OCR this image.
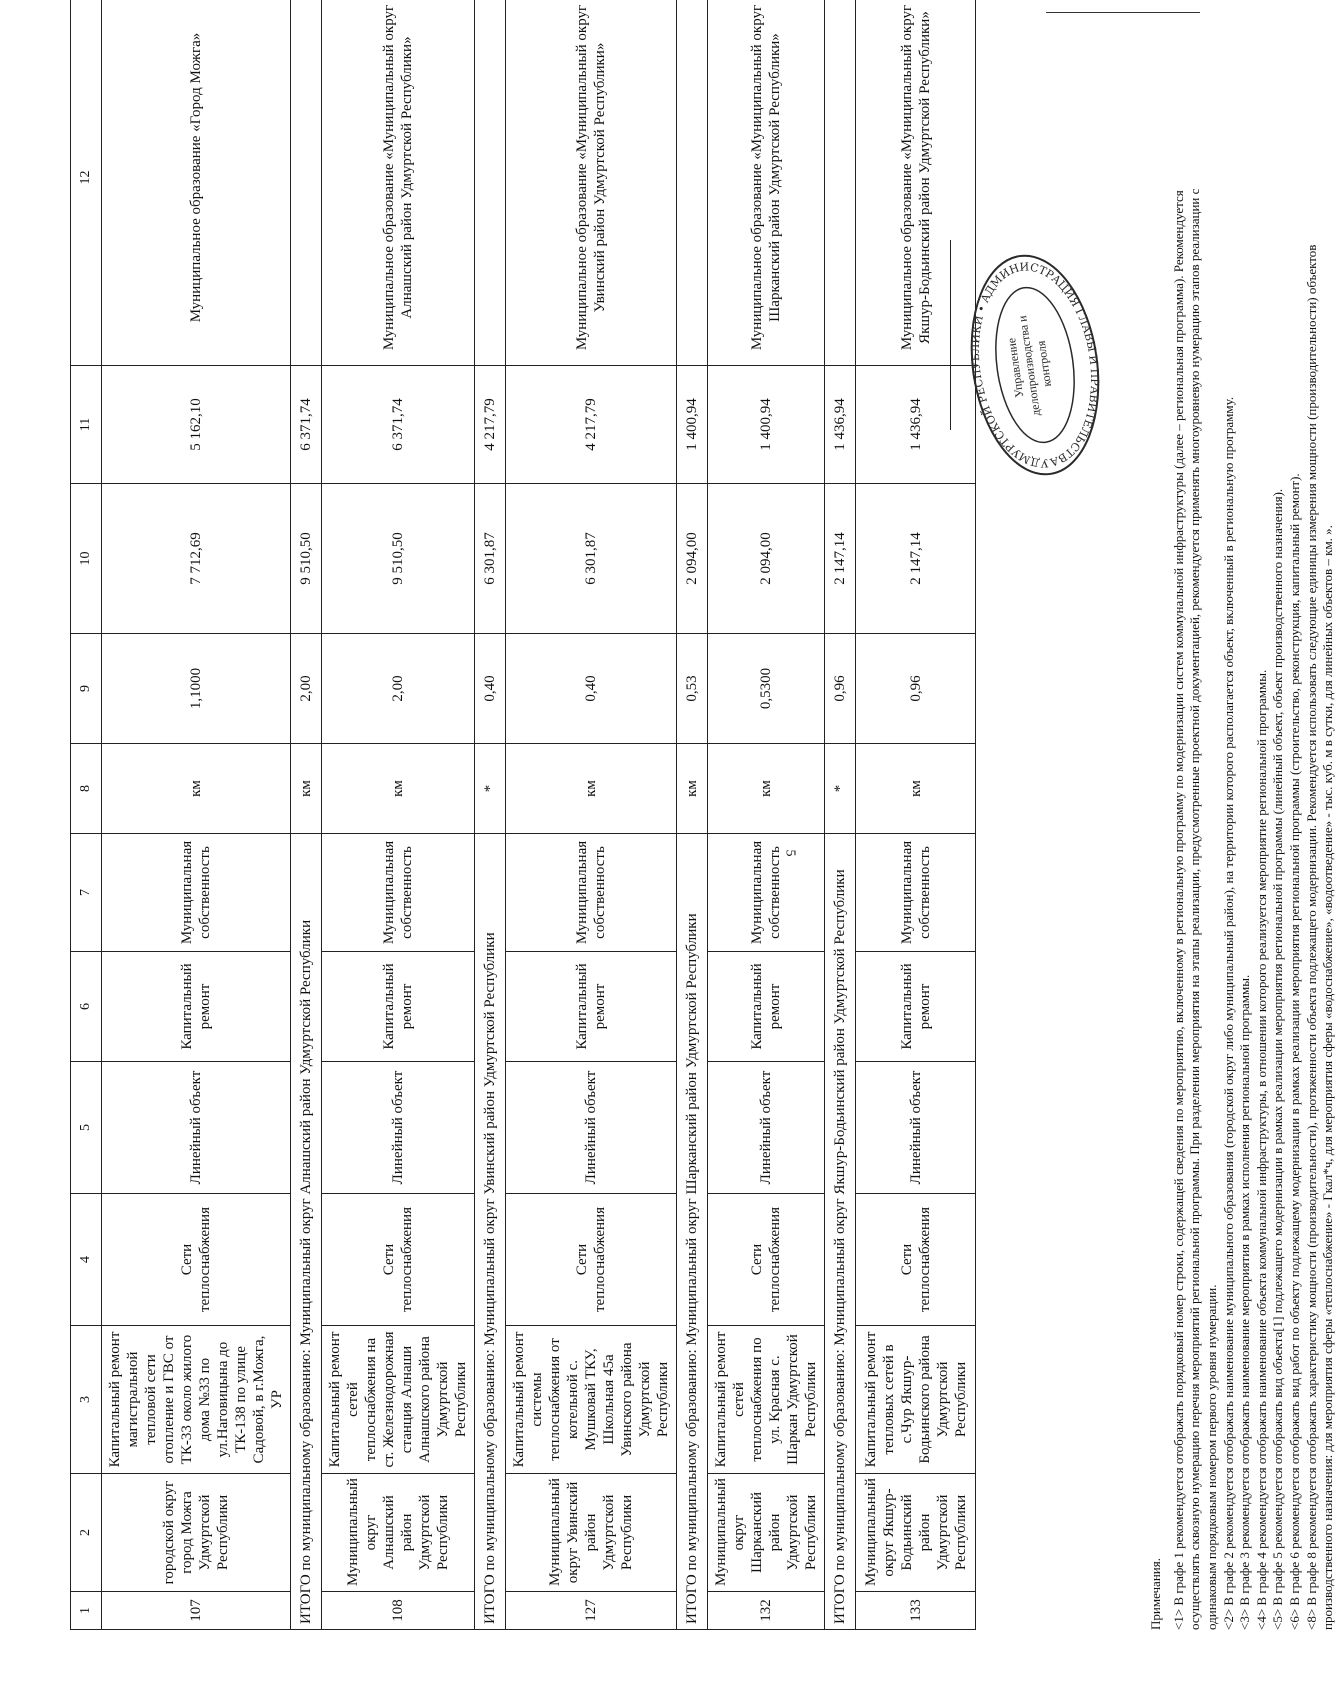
5
1	2	3	4	5	6	7	8	9	10	11	12
107	городской округ город Можга Удмуртской Республики	Капитальный ремонт магистральной тепловой сети отопление и ГВС от ТК-33 около жилого дома №33 по ул.Наговицына до ТК-138 по улице Садовой, в г.Можга, УР	Сети теплоснабжения	Линейный объект	Капитальный ремонт	Муниципальная собственность	км	1,1000	7 712,69	5 162,10	Муниципальное образование «Город Можга»
ИТОГО по муниципальному образованию: Муниципальный округ Алнашский район Удмуртской Республики							км	2,00	9 510,50	6 371,74	
108	Муниципальный округ Алнашский район Удмуртской Республики	Капитальный ремонт сетей теплоснабжения на ст. Железнодорожная станция Алнаши Алнашского района Удмуртской Республики	Сети теплоснабжения	Линейный объект	Капитальный ремонт	Муниципальная собственность	км	2,00	9 510,50	6 371,74	Муниципальное образование «Муниципальный округ Алнашский район Удмуртской Республики»
ИТОГО по муниципальному образованию: Муниципальный округ Увинский район Удмуртской Республики							*	0,40	6 301,87	4 217,79	
127	Муниципальный округ Увинский район Удмуртской Республики	Капитальный ремонт системы теплоснабжения от котельной с. Мушковай ТКУ, Школьная 45а Увинского района Удмуртской Республики	Сети теплоснабжения	Линейный объект	Капитальный ремонт	Муниципальная собственность	км	0,40	6 301,87	4 217,79	Муниципальное образование «Муниципальный округ Увинский район Удмуртской Республики»
ИТОГО по муниципальному образованию: Муниципальный округ Шарканский район Удмуртской Республики							км	0,53	2 094,00	1 400,94	
132	Муниципальный округ Шарканский район Удмуртской Республики	Капитальный ремонт сетей теплоснабжения по ул. Красная с. Шаркан Удмуртской Республики	Сети теплоснабжения	Линейный объект	Капитальный ремонт	Муниципальная собственность	км	0,5300	2 094,00	1 400,94	Муниципальное образование «Муниципальный округ Шарканский район Удмуртской Республики»
ИТОГО по муниципальному образованию: Муниципальный округ Якшур-Бодьинский район Удмуртской Республики							*	0,96	2 147,14	1 436,94	
133	Муниципальный округ Якшур-Бодьинский район Удмуртской Республики	Капитальный ремонт тепловых сетей в с.Чур Якшур-Бодьинского района Удмуртской Республики	Сети теплоснабжения	Линейный объект	Капитальный ремонт	Муниципальная собственность	км	0,96	2 147,14	1 436,94	Муниципальное образование «Муниципальный округ Якшур-Бодьинский район Удмуртской Республики»
Примечания. <1> В графе 1 рекомендуется отображать порядковый номер строки, содержащей сведения по мероприятию, включенному в региональную программу по модернизации систем коммунальной инфраструктуры (далее – региональная программа). Рекомендуется осуществлять сквозную нумерацию перечня мероприятий региональной программы. При разделении мероприятия на этапы реализации, предусмотренные проектной документацией, рекомендуется применять многоуровневую нумерацию этапов реализации с одинаковым порядковым номером первого уровня нумерации. <2> В графе 2 рекомендуется отображать наименование муниципального образования (городской округ либо муниципальный район), на территории которого располагается объект, включенный в региональную программу. <3> В графе 3 рекомендуется отображать наименование мероприятия в рамках исполнения региональной программы. <4> В графе 4 рекомендуется отображать наименование объекта коммунальной инфраструктуры, в отношении которого реализуется мероприятие региональной программы. <5> В графе 5 рекомендуется отображать вид объекта[1] подлежащего модернизации в рамках реализации мероприятия региональной программы (линейный объект, объект производственного назначения). <6> В графе 6 рекомендуется отображать вид работ по объекту подлежащему модернизации в рамках реализации мероприятия региональной программы (строительство, реконструкция, капитальный ремонт). <8> В графе 8 рекомендуется отображать характеристику мощности (производительности), протяженности объекта подлежащего модернизации. Рекомендуется использовать следующие единицы измерения мощности (производительности) объектов производственного назначения: для мероприятия сферы «теплоснабжение» - Гкал*ч, для мероприятия сферы «водоснабжение», «водоотведение» - тыс. куб. м в сутки, для линейных объектов – км. ».
УДМУРТСКОЙ РЕСПУБЛИКИ • АДМИНИСТРАЦИЯ ГЛАВЫ И ПРАВИТЕЛЬСТВА
Управление делопроизводства и контроля
